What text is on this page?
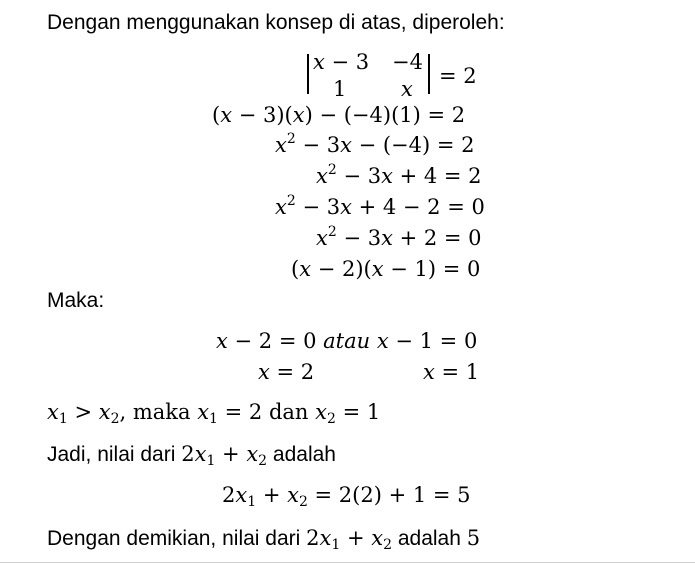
Dengan menggunakan konsep di atas, diperoleh:
x − 3 −4
1	x
= 2
(x − 3)(x) − (−4)(1) = 2
$x^2 - 3x - (-4) = 2$
$x^2 - 3x + 4 = 2$
$x^2 - 3x + 4 - 2 = 0$
$x^2 - 3x + 2 = 0$
(x − 2)(x − 1) = 0
Maka:
x − 2 = 0 atau x − 1 = 0
x = 2	x = 1
$x_1 > x_2$, maka $x_1 = 2$ dan $x_2 = 1$
Jadi, nilai dari $2x_1 + x_2$ adalah
$2x_1 + x_2 = 2(2) + 1 = 5$
Dengan demikian, nilai dari $2x_1 + x_2$ adalah 5
